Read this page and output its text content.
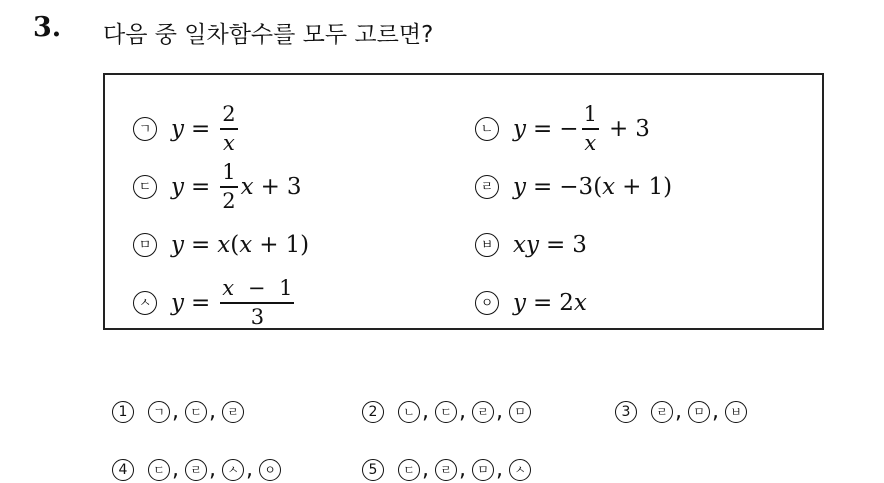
3. 다음 중 일차함수를 모두 고르면?
ㄱ $y = \frac{2}{x}$	ㄴ y = − $\frac{1}{x} + 3$
ㄷ $y = \frac{1}{2}$ x + 3	ㄹ y = −3 ( x + 1 )
ㅁ y = x ( x + 1 )	ㅂ x y = 3
ㅅ $y = \frac{x - 1}{3}$	ㅇ y = 2 x
1	ㄱ , ㄷ , ㄹ	2	ㄴ , ㄷ , ㄹ , ㅁ	3	ㄹ , ㅁ , ㅂ
4	ㄷ , ㄹ , ㅅ , ㅇ	5	ㄷ , ㄹ , ㅁ , ㅅ
